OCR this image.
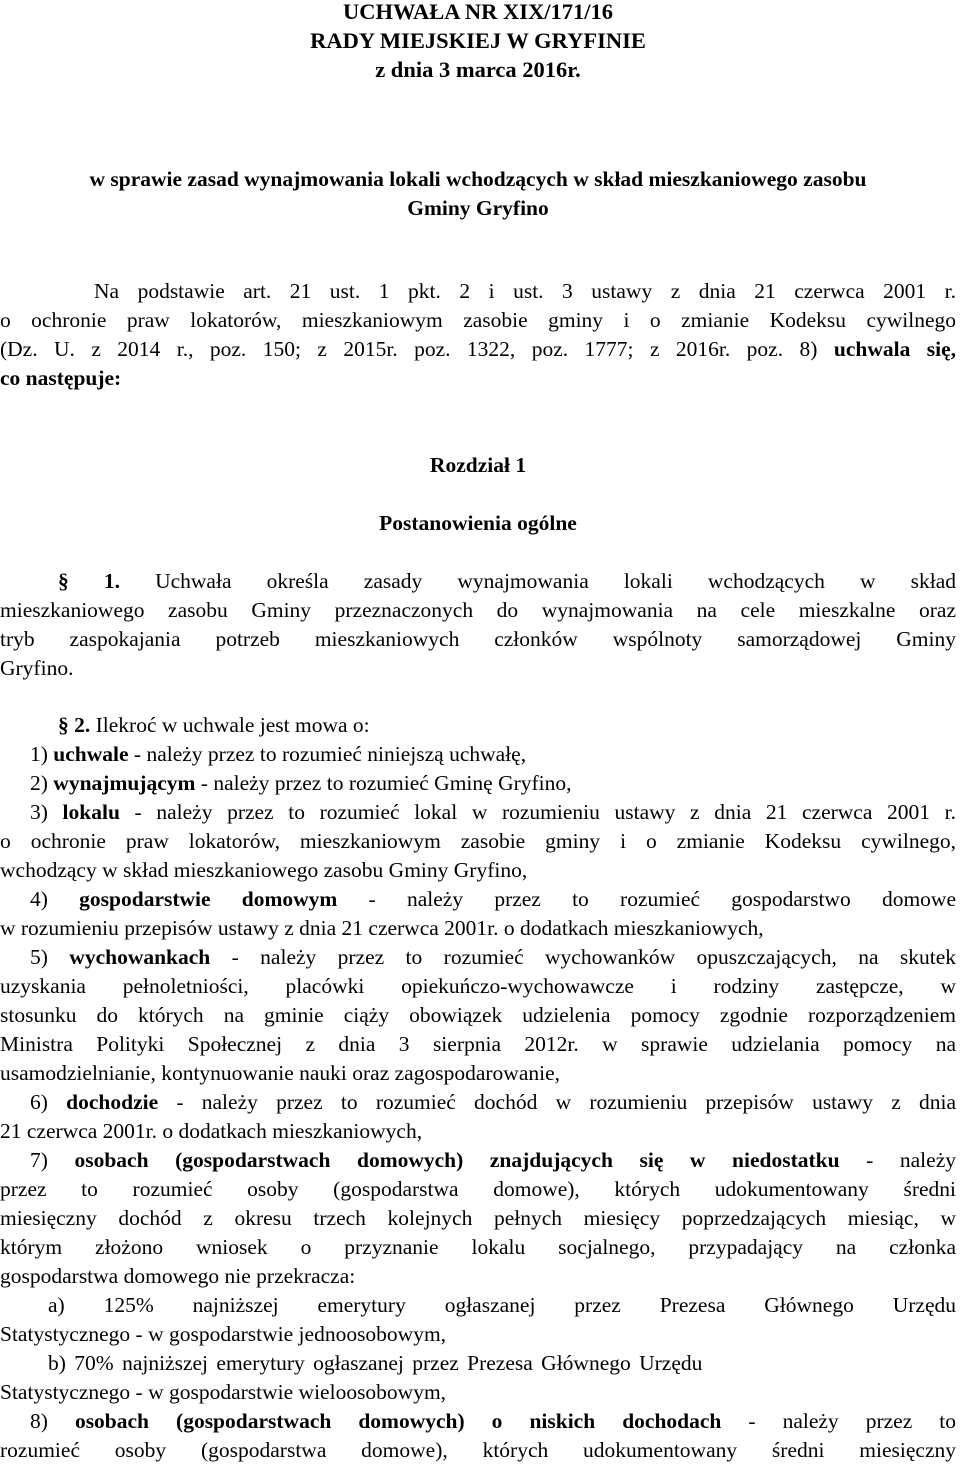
UCHWAŁA NR XIX/171/16
RADY MIEJSKIEJ W GRYFINIE
z dnia 3 marca 2016r.
w sprawie zasad wynajmowania lokali wchodzących w skład mieszkaniowego zasobu
Gminy Gryfino
Na podstawie art. 21 ust. 1 pkt. 2 i ust. 3 ustawy z dnia 21 czerwca 2001 r.
o ochronie praw lokatorów, mieszkaniowym zasobie gminy i o zmianie Kodeksu cywilnego
(Dz. U. z 2014 r., poz. 150; z 2015r. poz. 1322, poz. 1777; z 2016r. poz. 8) uchwala się,
co następuje:
Rozdział 1
Postanowienia ogólne
§ 1. Uchwała określa zasady wynajmowania lokali wchodzących w skład
mieszkaniowego zasobu Gminy przeznaczonych do wynajmowania na cele mieszkalne oraz
tryb zaspokajania potrzeb mieszkaniowych członków wspólnoty samorządowej Gminy
Gryfino.
§ 2. Ilekroć w uchwale jest mowa o:
1) uchwale - należy przez to rozumieć niniejszą uchwałę,
2) wynajmującym - należy przez to rozumieć Gminę Gryfino,
3) lokalu - należy przez to rozumieć lokal w rozumieniu ustawy z dnia 21 czerwca 2001 r.
o ochronie praw lokatorów, mieszkaniowym zasobie gminy i o zmianie Kodeksu cywilnego,
wchodzący w skład mieszkaniowego zasobu Gminy Gryfino,
4) gospodarstwie domowym - należy przez to rozumieć gospodarstwo domowe
w rozumieniu przepisów ustawy z dnia 21 czerwca 2001r. o dodatkach mieszkaniowych,
5) wychowankach - należy przez to rozumieć wychowanków opuszczających, na skutek
uzyskania pełnoletniości, placówki opiekuńczo-wychowawcze i rodziny zastępcze, w
stosunku do których na gminie ciąży obowiązek udzielenia pomocy zgodnie rozporządzeniem
Ministra Polityki Społecznej z dnia 3 sierpnia 2012r. w sprawie udzielania pomocy na
usamodzielnianie, kontynuowanie nauki oraz zagospodarowanie,
6) dochodzie - należy przez to rozumieć dochód w rozumieniu przepisów ustawy z dnia
21 czerwca 2001r. o dodatkach mieszkaniowych,
7) osobach (gospodarstwach domowych) znajdujących się w niedostatku - należy
przez to rozumieć osoby (gospodarstwa domowe), których udokumentowany średni
miesięczny dochód z okresu trzech kolejnych pełnych miesięcy poprzedzających miesiąc, w
którym złożono wniosek o przyznanie lokalu socjalnego, przypadający na członka
gospodarstwa domowego nie przekracza:
a) 125% najniższej emerytury ogłaszanej przez Prezesa Głównego Urzędu
Statystycznego - w gospodarstwie jednoosobowym,
b) 70% najniższej emerytury ogłaszanej przez Prezesa Głównego Urzędu
Statystycznego - w gospodarstwie wieloosobowym,
8) osobach (gospodarstwach domowych) o niskich dochodach - należy przez to
rozumieć osoby (gospodarstwa domowe), których udokumentowany średni miesięczny
